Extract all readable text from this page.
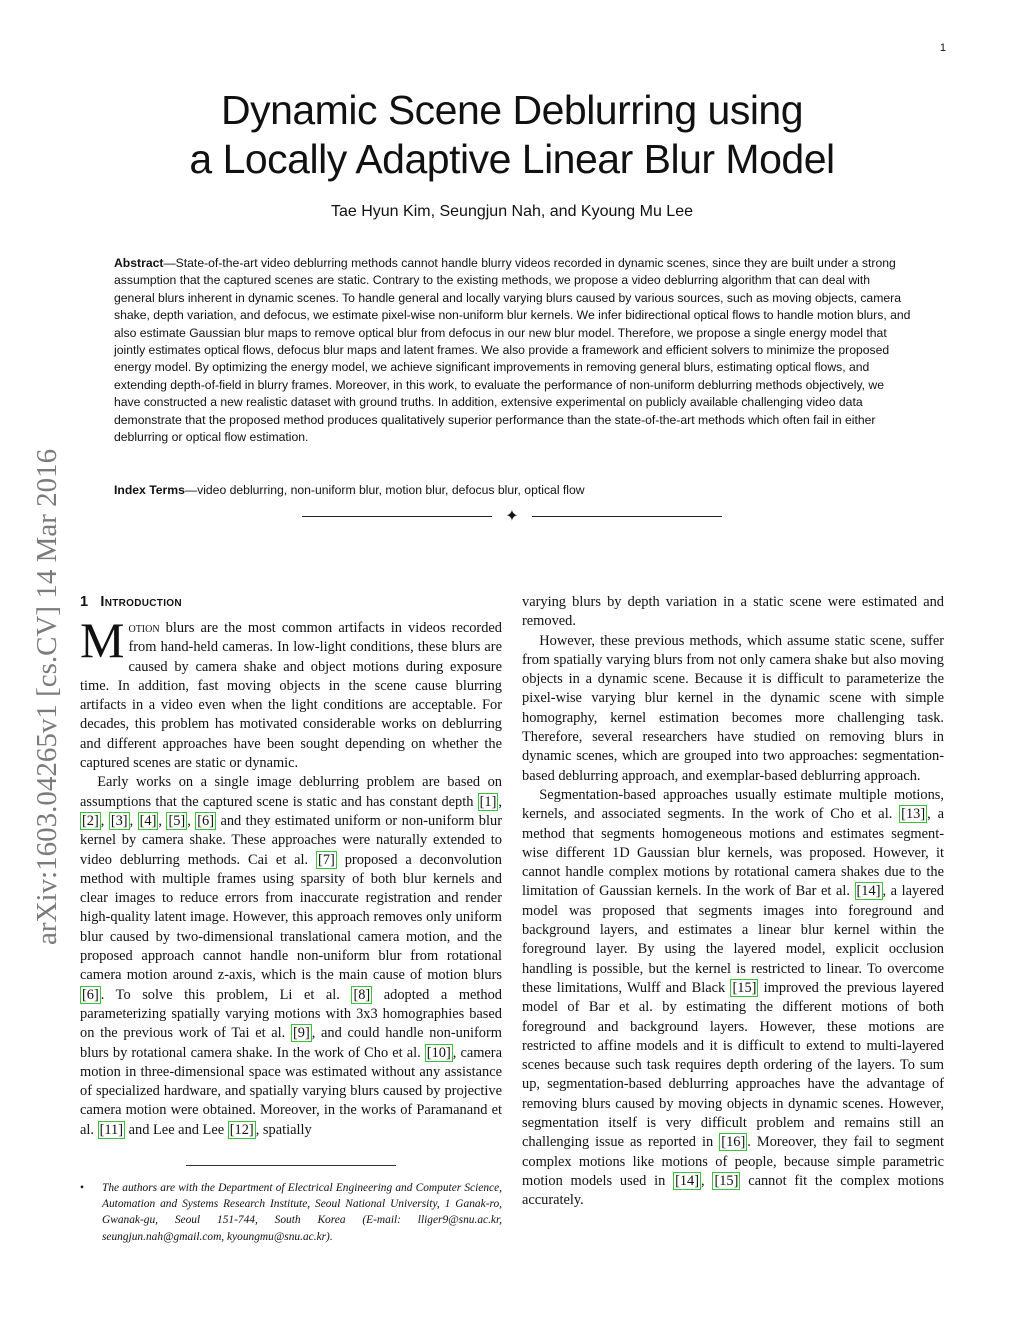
1
arXiv:1603.04265v1 [cs.CV] 14 Mar 2016
Dynamic Scene Deblurring using
a Locally Adaptive Linear Blur Model
Tae Hyun Kim, Seungjun Nah, and Kyoung Mu Lee
Abstract—State-of-the-art video deblurring methods cannot handle blurry videos recorded in dynamic scenes, since they are built under a strong assumption that the captured scenes are static. Contrary to the existing methods, we propose a video deblurring algorithm that can deal with general blurs inherent in dynamic scenes. To handle general and locally varying blurs caused by various sources, such as moving objects, camera shake, depth variation, and defocus, we estimate pixel-wise non-uniform blur kernels. We infer bidirectional optical flows to handle motion blurs, and also estimate Gaussian blur maps to remove optical blur from defocus in our new blur model. Therefore, we propose a single energy model that jointly estimates optical flows, defocus blur maps and latent frames. We also provide a framework and efficient solvers to minimize the proposed energy model. By optimizing the energy model, we achieve significant improvements in removing general blurs, estimating optical flows, and extending depth-of-field in blurry frames. Moreover, in this work, to evaluate the performance of non-uniform deblurring methods objectively, we have constructed a new realistic dataset with ground truths. In addition, extensive experimental on publicly available challenging video data demonstrate that the proposed method produces qualitatively superior performance than the state-of-the-art methods which often fail in either deblurring or optical flow estimation.
Index Terms—video deblurring, non-uniform blur, motion blur, defocus blur, optical flow
✦
1 Introduction

Motion blurs are the most common artifacts in videos recorded from hand-held cameras. In low-light conditions, these blurs are caused by camera shake and object motions during exposure time. In addition, fast moving objects in the scene cause blurring artifacts in a video even when the light conditions are acceptable. For decades, this problem has motivated considerable works on deblurring and different approaches have been sought depending on whether the captured scenes are static or dynamic.

Early works on a single image deblurring problem are based on assumptions that the captured scene is static and has constant depth [1] , [2] , [3] , [4] , [5] , [6] and they estimated uniform or non-uniform blur kernel by camera shake. These approaches were naturally extended to video deblurring methods. Cai et al. [7] proposed a deconvolution method with multiple frames using sparsity of both blur kernels and clear images to reduce errors from inaccurate registration and render high-quality latent image. However, this approach removes only uniform blur caused by two-dimensional translational camera motion, and the proposed approach cannot handle non-uniform blur from rotational camera motion around z-axis, which is the main cause of motion blurs [6] . To solve this problem, Li et al. [8] adopted a method parameterizing spatially varying motions with 3x3 homographies based on the previous work of Tai et al. [9] , and could handle non-uniform blurs by rotational camera shake. In the work of Cho et al. [10] , camera motion in three-dimensional space was estimated without any assistance of specialized hardware, and spatially varying blurs caused by projective camera motion were obtained. Moreover, in the works of Paramanand et al. [11] and Lee and Lee [12] , spatially

• The authors are with the Department of Electrical Engineering and Computer Science, Automation and Systems Research Institute, Seoul National University, 1 Ganak-ro, Gwanak-gu, Seoul 151-744, South Korea (E-mail: lliger9@snu.ac.kr, seungjun.nah@gmail.com, kyoungmu@snu.ac.kr).

varying blurs by depth variation in a static scene were estimated and removed.

However, these previous methods, which assume static scene, suffer from spatially varying blurs from not only camera shake but also moving objects in a dynamic scene. Because it is difficult to parameterize the pixel-wise varying blur kernel in the dynamic scene with simple homography, kernel estimation becomes more challenging task. Therefore, several researchers have studied on removing blurs in dynamic scenes, which are grouped into two approaches: segmentation-based deblurring approach, and exemplar-based deblurring approach.

Segmentation-based approaches usually estimate multiple motions, kernels, and associated segments. In the work of Cho et al. [13] , a method that segments homogeneous motions and estimates segment-wise different 1D Gaussian blur kernels, was proposed. However, it cannot handle complex motions by rotational camera shakes due to the limitation of Gaussian kernels. In the work of Bar et al. [14] , a layered model was proposed that segments images into foreground and background layers, and estimates a linear blur kernel within the foreground layer. By using the layered model, explicit occlusion handling is possible, but the kernel is restricted to linear. To overcome these limitations, Wulff and Black [15] improved the previous layered model of Bar et al. by estimating the different motions of both foreground and background layers. However, these motions are restricted to affine models and it is difficult to extend to multi-layered scenes because such task requires depth ordering of the layers. To sum up, segmentation-based deblurring approaches have the advantage of removing blurs caused by moving objects in dynamic scenes. However, segmentation itself is very difficult problem and remains still an challenging issue as reported in [16] . Moreover, they fail to segment complex motions like motions of people, because simple parametric motion models used in [14] , [15] cannot fit the complex motions accurately.
